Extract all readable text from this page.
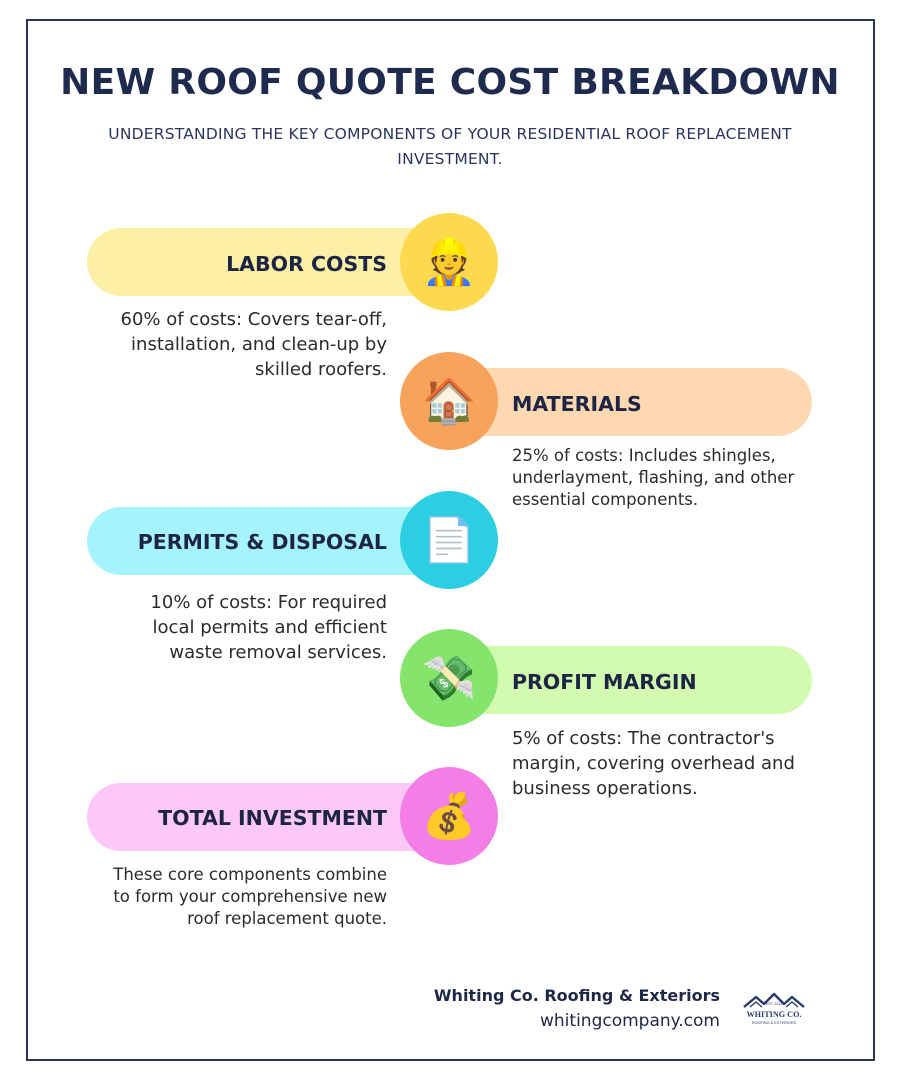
NEW ROOF QUOTE COST BREAKDOWN
UNDERSTANDING THE KEY COMPONENTS OF YOUR RESIDENTIAL ROOF REPLACEMENT INVESTMENT.
LABOR COSTS 👷
60% of costs: Covers tear-off, installation, and clean-up by skilled roofers.
🏠 MATERIALS
25% of costs: Includes shingles, underlayment, flashing, and other essential components.
PERMITS & DISPOSAL 📄
10% of costs: For required local permits and efficient waste removal services.
💸 PROFIT MARGIN
5% of costs: The contractor's margin, covering overhead and business operations.
TOTAL INVESTMENT 💰
These core components combine to form your comprehensive new roof replacement quote.
Whiting Co. Roofing & Exteriors
whitingcompany.com
EST. 2014
WHITING CO.
ROOFING & EXTERIORS
